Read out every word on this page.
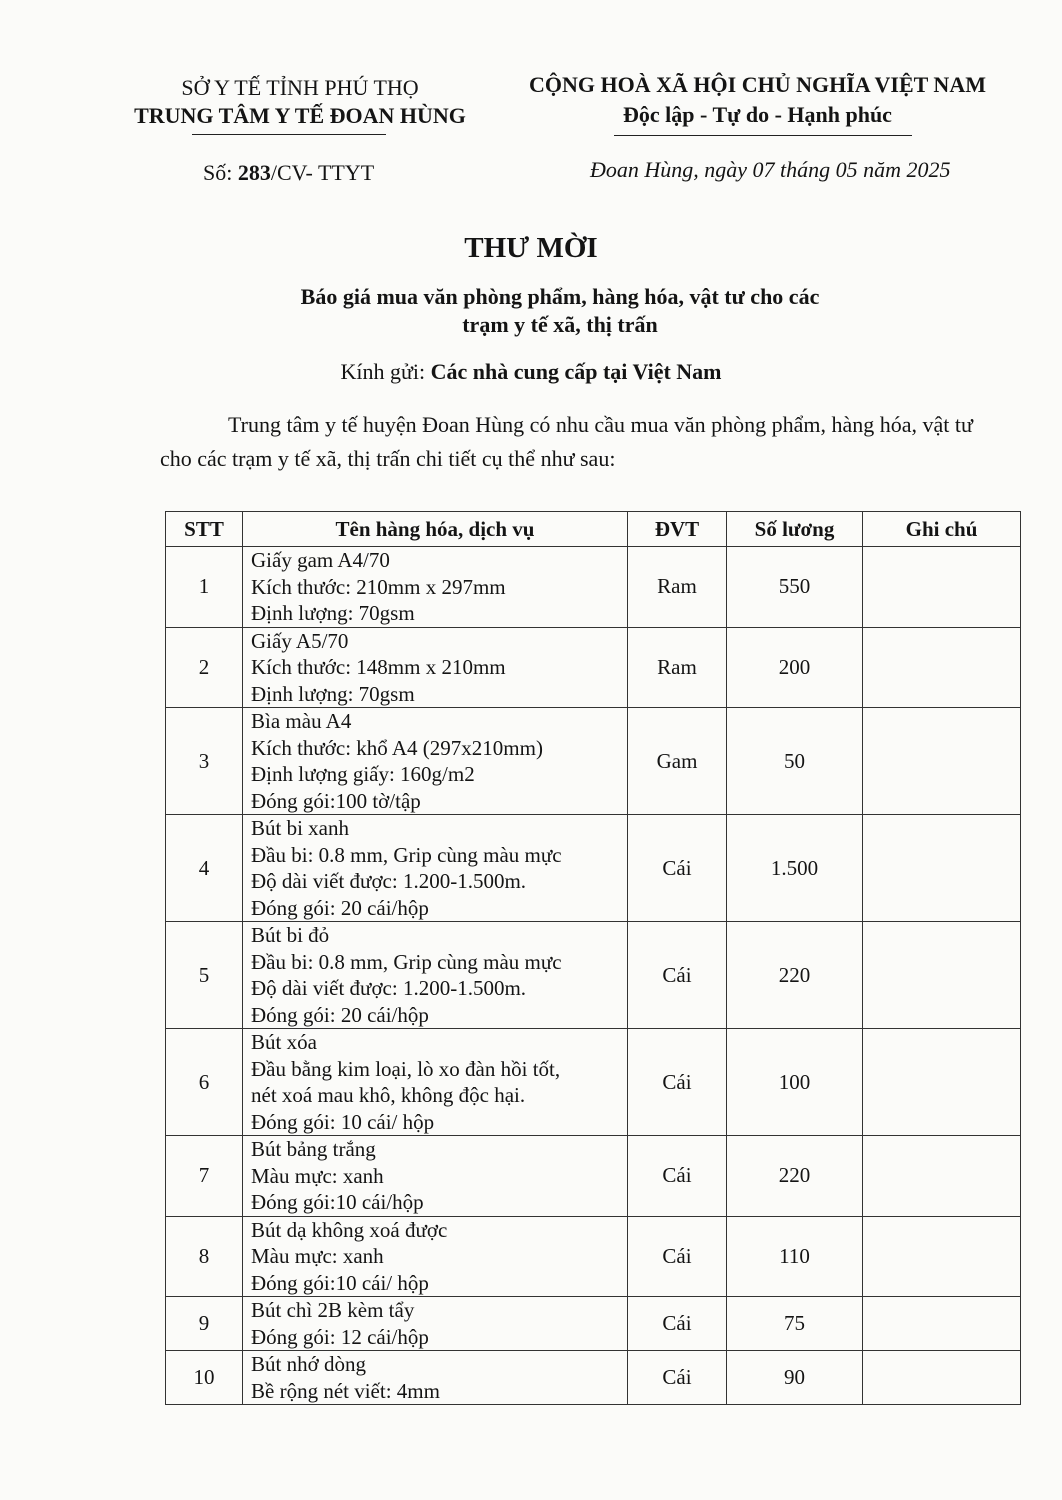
SỞ Y TẾ TỈNH PHÚ THỌ
TRUNG TÂM Y TẾ ĐOAN HÙNG
CỘNG HOÀ XÃ HỘI CHỦ NGHĨA VIỆT NAM
Độc lập - Tự do - Hạnh phúc
Số: 283/CV- TTYT	Đoan Hùng, ngày 07 tháng 05 năm 2025
THƯ MỜI
Báo giá mua văn phòng phẩm, hàng hóa, vật tư cho các
trạm y tế xã, thị trấn
Kính gửi: Các nhà cung cấp tại Việt Nam
Trung tâm y tế huyện Đoan Hùng có nhu cầu mua văn phòng phẩm, hàng hóa, vật tư cho các trạm y tế xã, thị trấn chi tiết cụ thể như sau:
STT	Tên hàng hóa, dịch vụ	ĐVT	Số lương	Ghi chú
1	Giấy gam A4/70
Kích thước: 210mm x 297mm
Định lượng: 70gsm	Ram	550	
2	Giấy A5/70
Kích thước: 148mm x 210mm
Định lượng: 70gsm	Ram	200	
3	Bìa màu A4
Kích thước: khổ A4 (297x210mm)
Định lượng giấy: 160g/m2
Đóng gói:100 tờ/tập	Gam	50	
4	Bút bi xanh
Đầu bi: 0.8 mm, Grip cùng màu mực
Độ dài viết được: 1.200-1.500m.
Đóng gói: 20 cái/hộp	Cái	1.500	
5	Bút bi đỏ
Đầu bi: 0.8 mm, Grip cùng màu mực
Độ dài viết được: 1.200-1.500m.
Đóng gói: 20 cái/hộp	Cái	220	
6	Bút xóa
Đầu bằng kim loại, lò xo đàn hồi tốt,
nét xoá mau khô, không độc hại.
Đóng gói: 10 cái/ hộp	Cái	100	
7	Bút bảng trắng
Màu mực: xanh
Đóng gói:10 cái/hộp	Cái	220	
8	Bút dạ không xoá được
Màu mực: xanh
Đóng gói:10 cái/ hộp	Cái	110	
9	Bút chì 2B kèm tẩy
Đóng gói: 12 cái/hộp	Cái	75	
10	Bút nhớ dòng
Bề rộng nét viết: 4mm	Cái	90	
